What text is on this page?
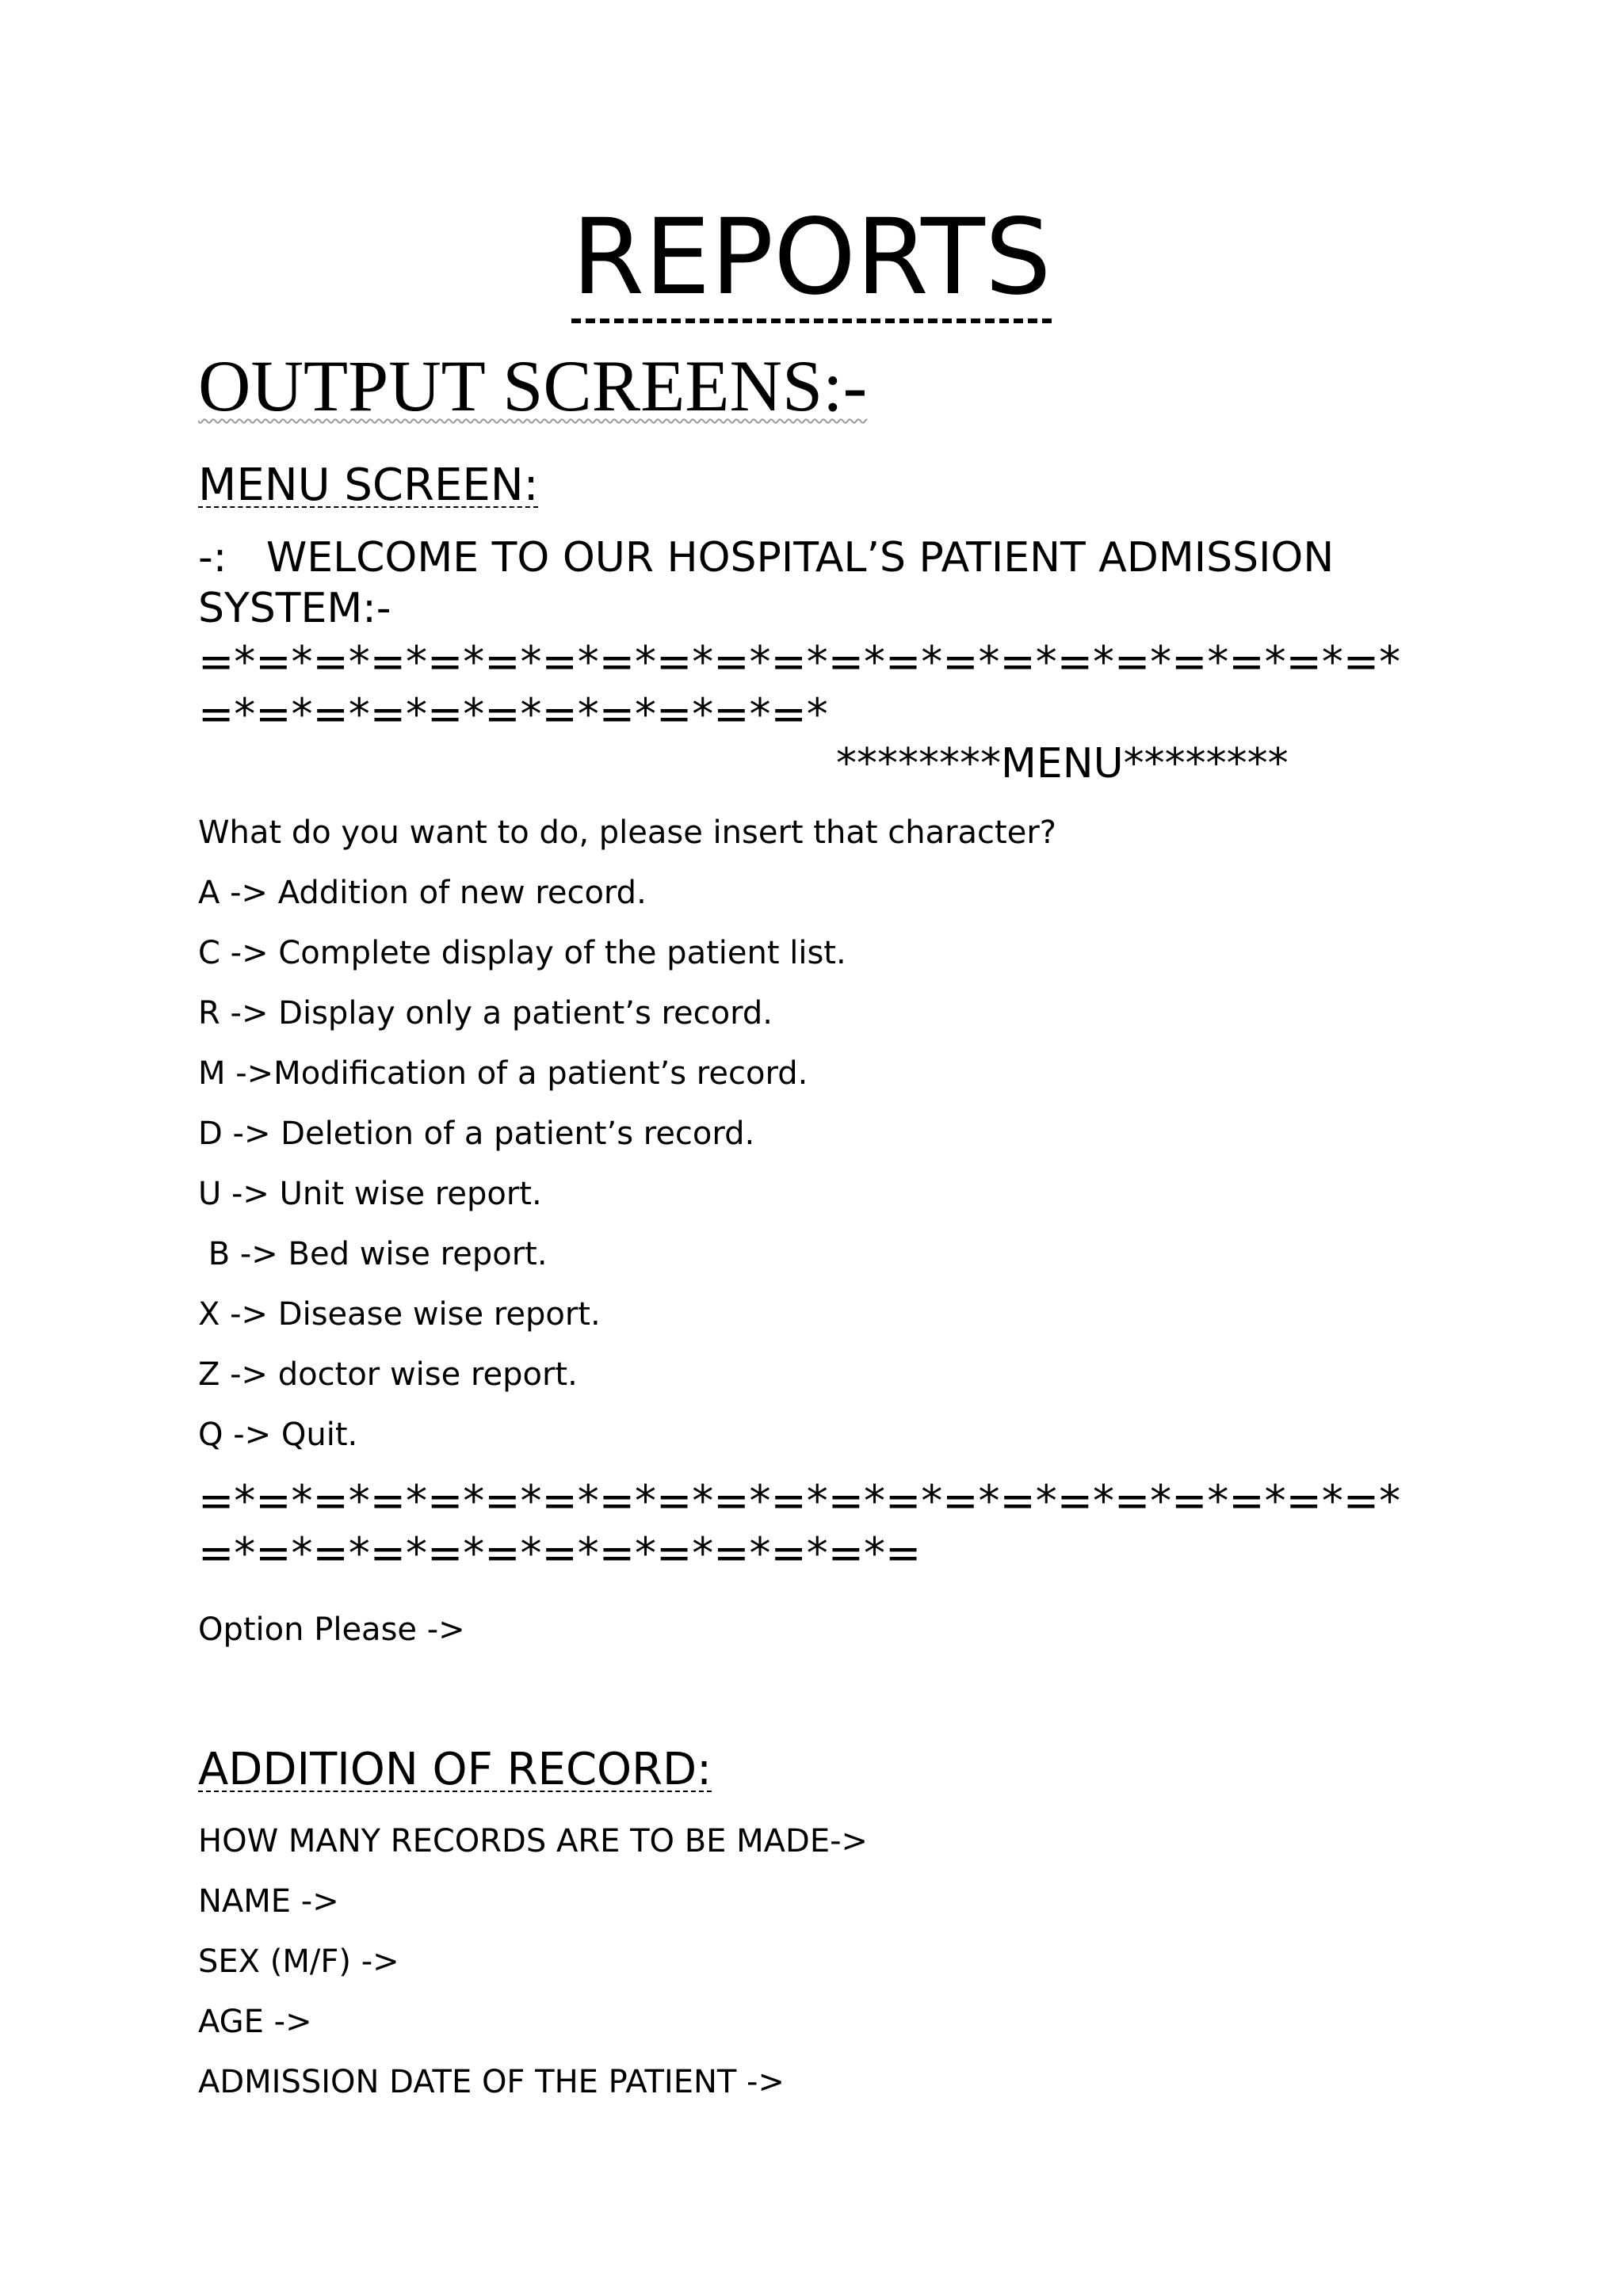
REPORTS
OUTPUT SCREENS:-
MENU SCREEN:
-:   WELCOME TO OUR HOSPITAL’S PATIENT ADMISSION
SYSTEM:-
=*=*=*=*=*=*=*=*=*=*=*=*=*=*=*=*=*=*=*=*=*
=*=*=*=*=*=*=*=*=*=*=*
********MENU********
What do you want to do, please insert that character?
A -> Addition of new record.
C -> Complete display of the patient list.
R -> Display only a patient’s record.
M ->Modification of a patient’s record.
D -> Deletion of a patient’s record.
U -> Unit wise report.
B -> Bed wise report.
X -> Disease wise report.
Z -> doctor wise report.
Q -> Quit.
=*=*=*=*=*=*=*=*=*=*=*=*=*=*=*=*=*=*=*=*=*
=*=*=*=*=*=*=*=*=*=*=*=*=
Option Please ->
ADDITION OF RECORD:
HOW MANY RECORDS ARE TO BE MADE->
NAME ->
SEX (M/F) ->
AGE ->
ADMISSION DATE OF THE PATIENT ->
